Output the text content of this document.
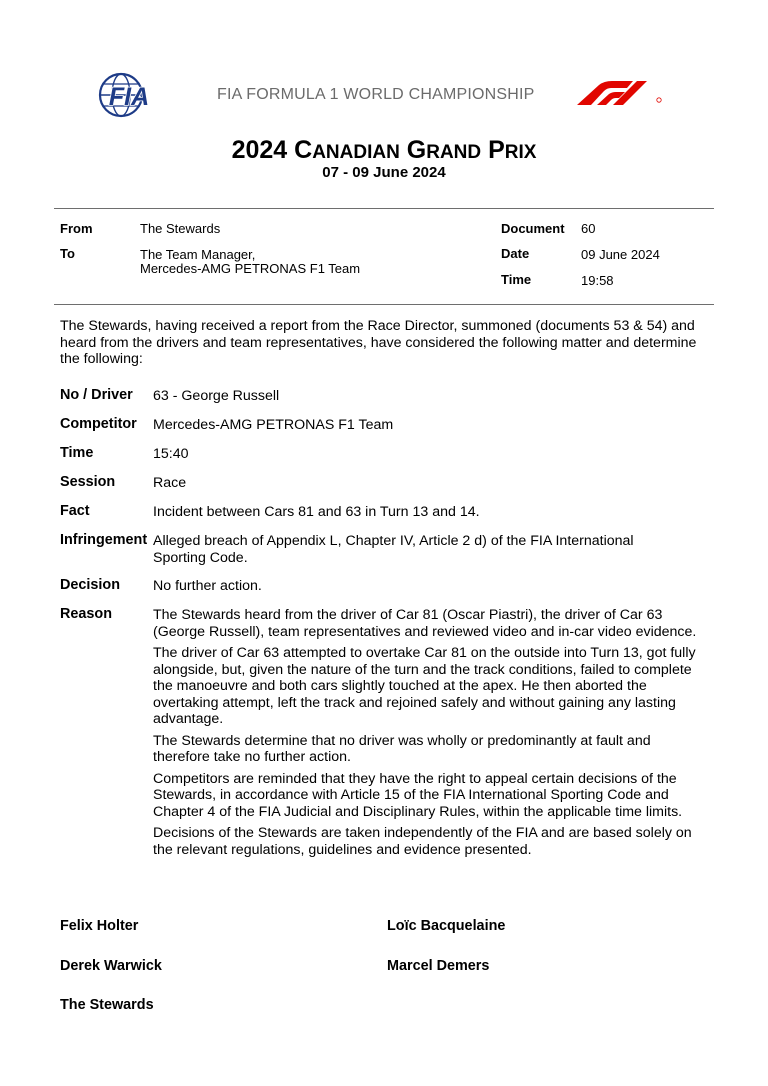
FIA	FIA FORMULA 1 WORLD CHAMPIONSHIP
2024 CANADIAN GRAND PRIX
07 - 09 June 2024
From	The Stewards
To	The Team Manager,
Mercedes-AMG PETRONAS F1 Team
Document 60
Date	09 June 2024
Time	19:58
The Stewards, having received a report from the Race Director, summoned (documents 53 & 54) and heard from the drivers and team representatives, have considered the following matter and determine the following:
No / Driver 63 - George Russell
Competitor Mercedes-AMG PETRONAS F1 Team
Time	15:40
Session	Race
Fact	Incident between Cars 81 and 63 in Turn 13 and 14.
Infringement Alleged breach of Appendix L, Chapter IV, Article 2 d) of the FIA International Sporting Code.
Decision No further action.
Reason	The Stewards heard from the driver of Car 81 (Oscar Piastri), the driver of Car 63 (George Russell), team representatives and reviewed video and in-car video evidence.

The driver of Car 63 attempted to overtake Car 81 on the outside into Turn 13, got fully alongside, but, given the nature of the turn and the track conditions, failed to complete the manoeuvre and both cars slightly touched at the apex. He then aborted the overtaking attempt, left the track and rejoined safely and without gaining any lasting advantage.

The Stewards determine that no driver was wholly or predominantly at fault and therefore take no further action.

Competitors are reminded that they have the right to appeal certain decisions of the Stewards, in accordance with Article 15 of the FIA International Sporting Code and Chapter 4 of the FIA Judicial and Disciplinary Rules, within the applicable time limits.

Decisions of the Stewards are taken independently of the FIA and are based solely on the relevant regulations, guidelines and evidence presented.

Felix Holter	Loïc Bacquelaine
Derek Warwick	Marcel Demers
The Stewards
